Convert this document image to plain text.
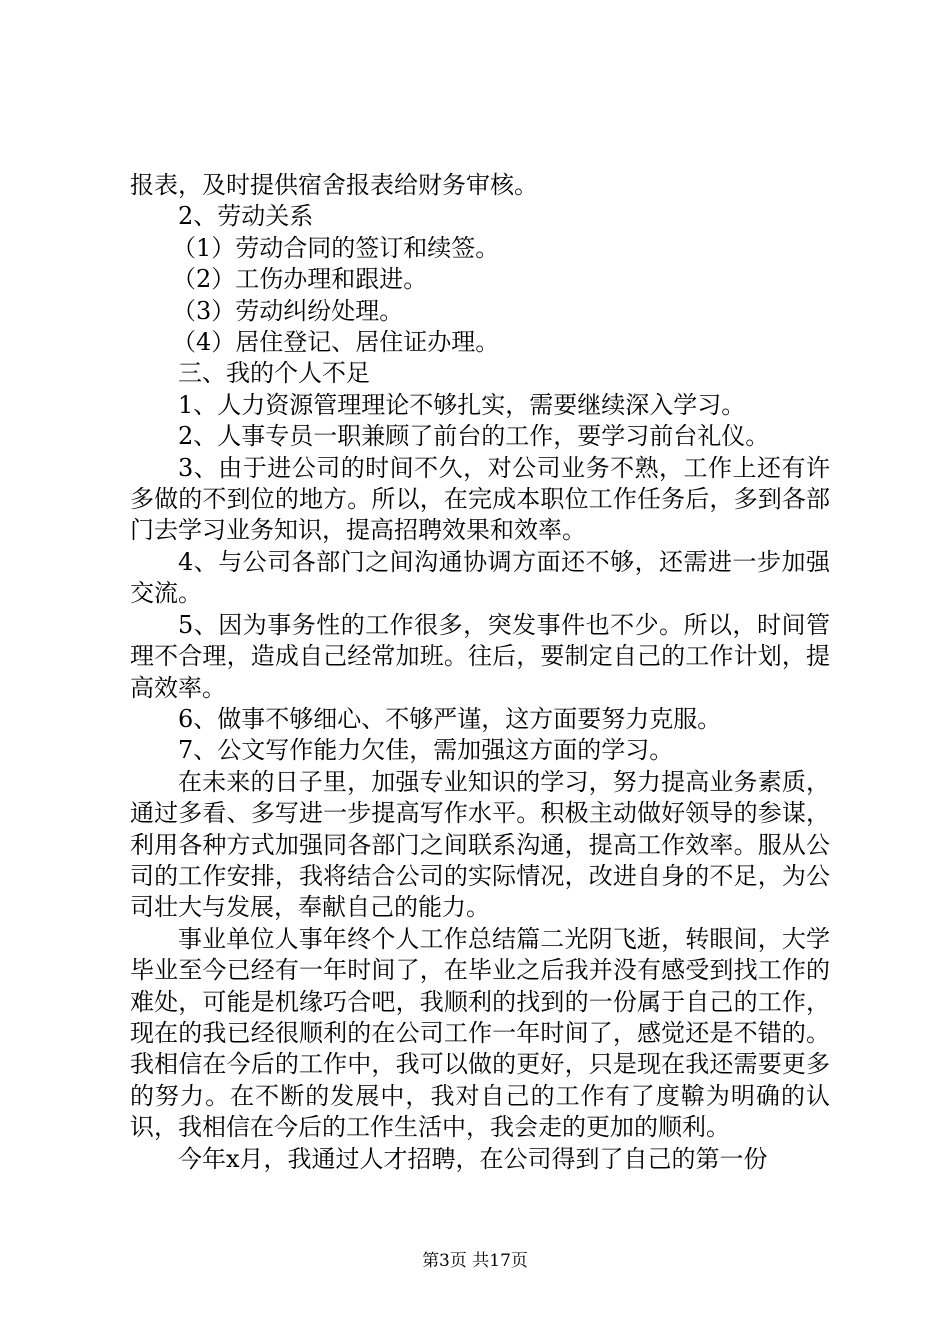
报表，及时提供宿舍报表给财务审核。

2、劳动关系

（1）劳动合同的签订和续签。

（2）工伤办理和跟进。

（3）劳动纠纷处理。

（4）居住登记、居住证办理。

三、我的个人不足

1、人力资源管理理论不够扎实，需要继续深入学习。

2、人事专员一职兼顾了前台的工作，要学习前台礼仪。

3、由于进公司的时间不久，对公司业务不熟，工作上还有许多做的不到位的地方。所以，在完成本职位工作任务后，多到各部门去学习业务知识，提高招聘效果和效率。

4、与公司各部门之间沟通协调方面还不够，还需进一步加强交流。

5、因为事务性的工作很多，突发事件也不少。所以，时间管理不合理，造成自己经常加班。往后，要制定自己的工作计划，提高效率。

6、做事不够细心、不够严谨，这方面要努力克服。

7、公文写作能力欠佳，需加强这方面的学习。

在未来的日子里，加强专业知识的学习，努力提高业务素质，通过多看、多写进一步提高写作水平。积极主动做好领导的参谋，利用各种方式加强同各部门之间联系沟通，提高工作效率。服从公司的工作安排，我将结合公司的实际情况，改进自身的不足，为公司壮大与发展，奉献自己的能力。

事业单位人事年终个人工作总结篇二光阴飞逝，转眼间，大学毕业至今已经有一年时间了，在毕业之后我并没有感受到找工作的难处，可能是机缘巧合吧，我顺利的找到的一份属于自己的工作，现在的我已经很顺利的在公司工作一年时间了，感觉还是不错的。我相信在今后的工作中，我可以做的更好，只是现在我还需要更多的努力。在不断的发展中，我对自己的工作有了度鞥为明确的认识，我相信在今后的工作生活中，我会走的更加的顺利。

今年x月，我通过人才招聘，在公司得到了自己的第一份

第3页 共17页
